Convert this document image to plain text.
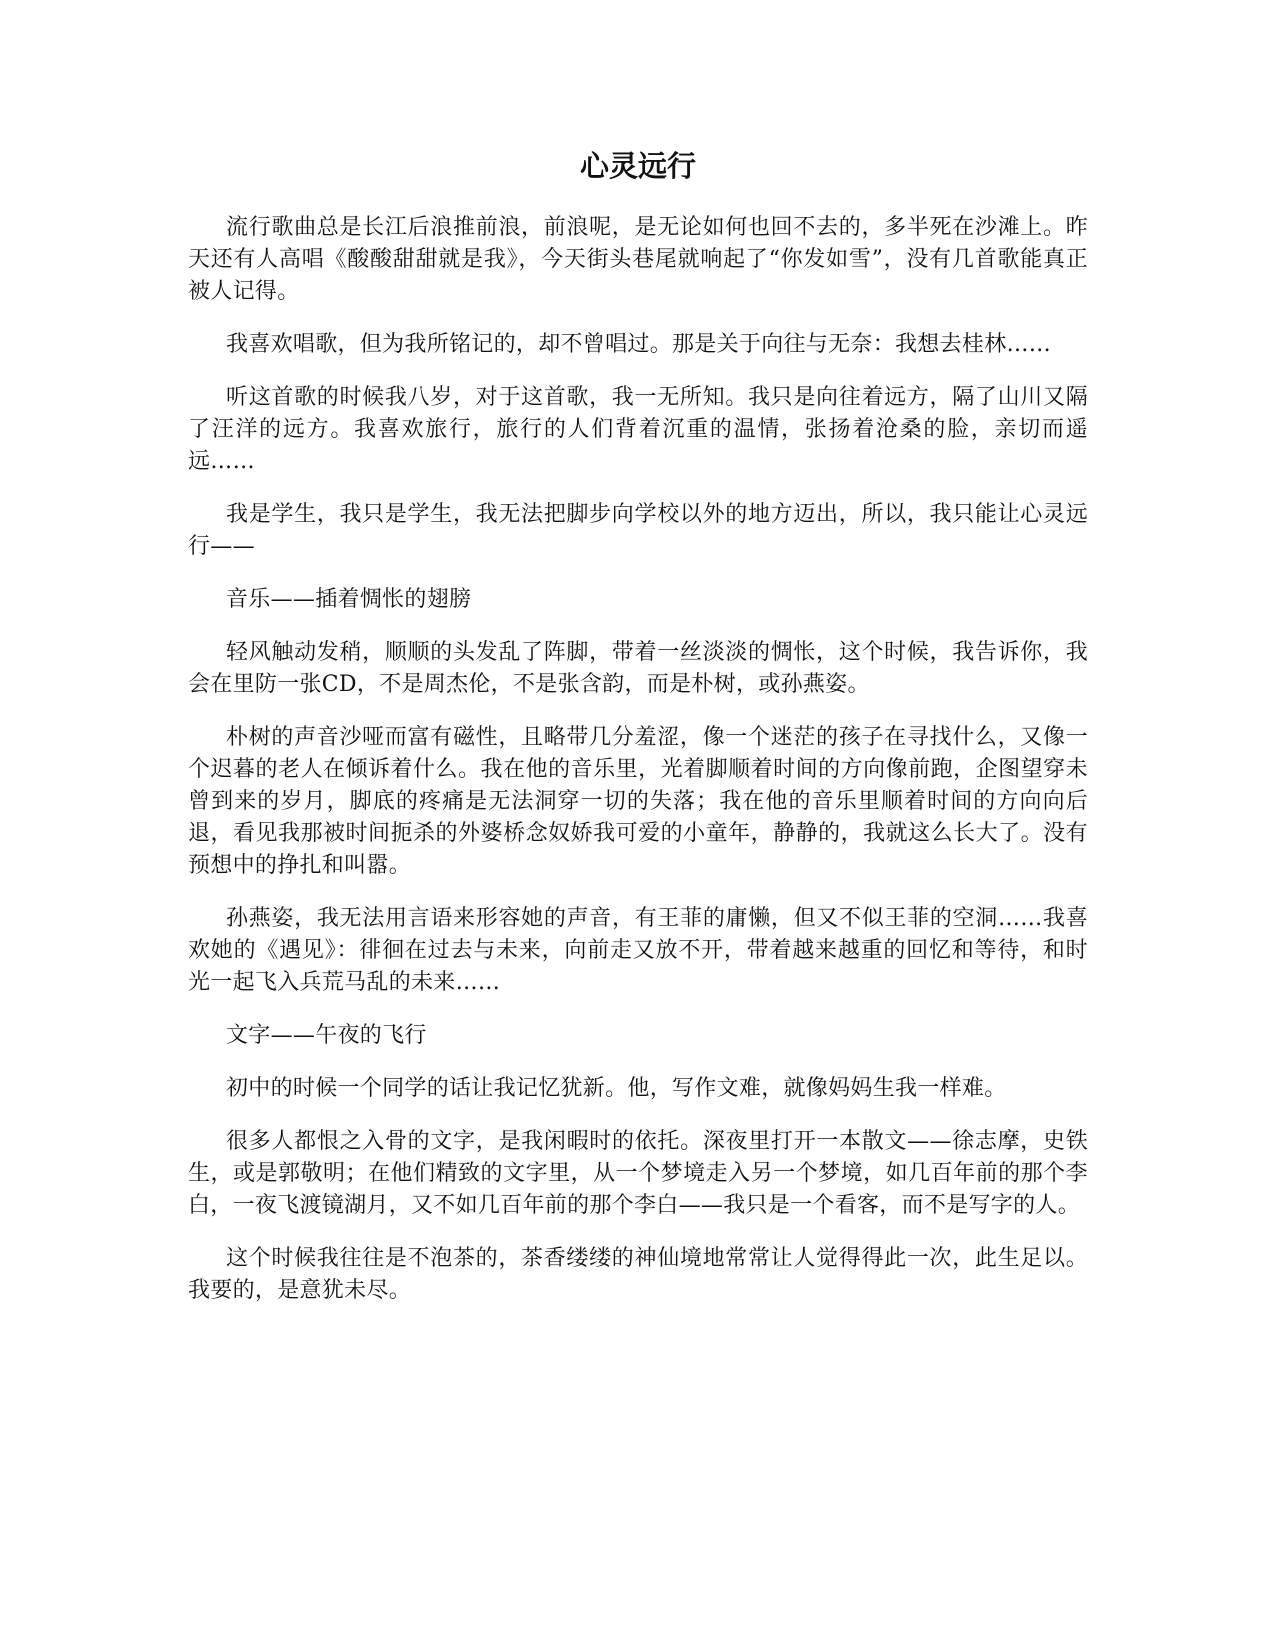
心灵远行

流行歌曲总是长江后浪推前浪，前浪呢，是无论如何也回不去的，多半死在沙滩上。昨天还有人高唱《酸酸甜甜就是我》，今天街头巷尾就响起了“你发如雪”，没有几首歌能真正被人记得。

我喜欢唱歌，但为我所铭记的，却不曾唱过。那是关于向往与无奈：我想去桂林……

听这首歌的时候我八岁，对于这首歌，我一无所知。我只是向往着远方，隔了山川又隔了汪洋的远方。我喜欢旅行，旅行的人们背着沉重的温情，张扬着沧桑的脸，亲切而遥远……

我是学生，我只是学生，我无法把脚步向学校以外的地方迈出，所以，我只能让心灵远行——

音乐——插着惆怅的翅膀

轻风触动发稍，顺顺的头发乱了阵脚，带着一丝淡淡的惆怅，这个时候，我告诉你，我会在里防一张CD，不是周杰伦，不是张含韵，而是朴树，或孙燕姿。

朴树的声音沙哑而富有磁性，且略带几分羞涩，像一个迷茫的孩子在寻找什么，又像一个迟暮的老人在倾诉着什么。我在他的音乐里，光着脚顺着时间的方向像前跑，企图望穿未曾到来的岁月，脚底的疼痛是无法洞穿一切的失落；我在他的音乐里顺着时间的方向向后退，看见我那被时间扼杀的外婆桥念奴娇我可爱的小童年，静静的，我就这么长大了。没有预想中的挣扎和叫嚣。

孙燕姿，我无法用言语来形容她的声音，有王菲的庸懒，但又不似王菲的空洞……我喜欢她的《遇见》：徘徊在过去与未来，向前走又放不开，带着越来越重的回忆和等待，和时光一起飞入兵荒马乱的未来……

文字——午夜的飞行

初中的时候一个同学的话让我记忆犹新。他，写作文难，就像妈妈生我一样难。

很多人都恨之入骨的文字，是我闲暇时的依托。深夜里打开一本散文——徐志摩，史铁生，或是郭敬明；在他们精致的文字里，从一个梦境走入另一个梦境，如几百年前的那个李白，一夜飞渡镜湖月，又不如几百年前的那个李白——我只是一个看客，而不是写字的人。

这个时候我往往是不泡茶的，茶香缕缕的神仙境地常常让人觉得得此一次，此生足以。我要的，是意犹未尽。
